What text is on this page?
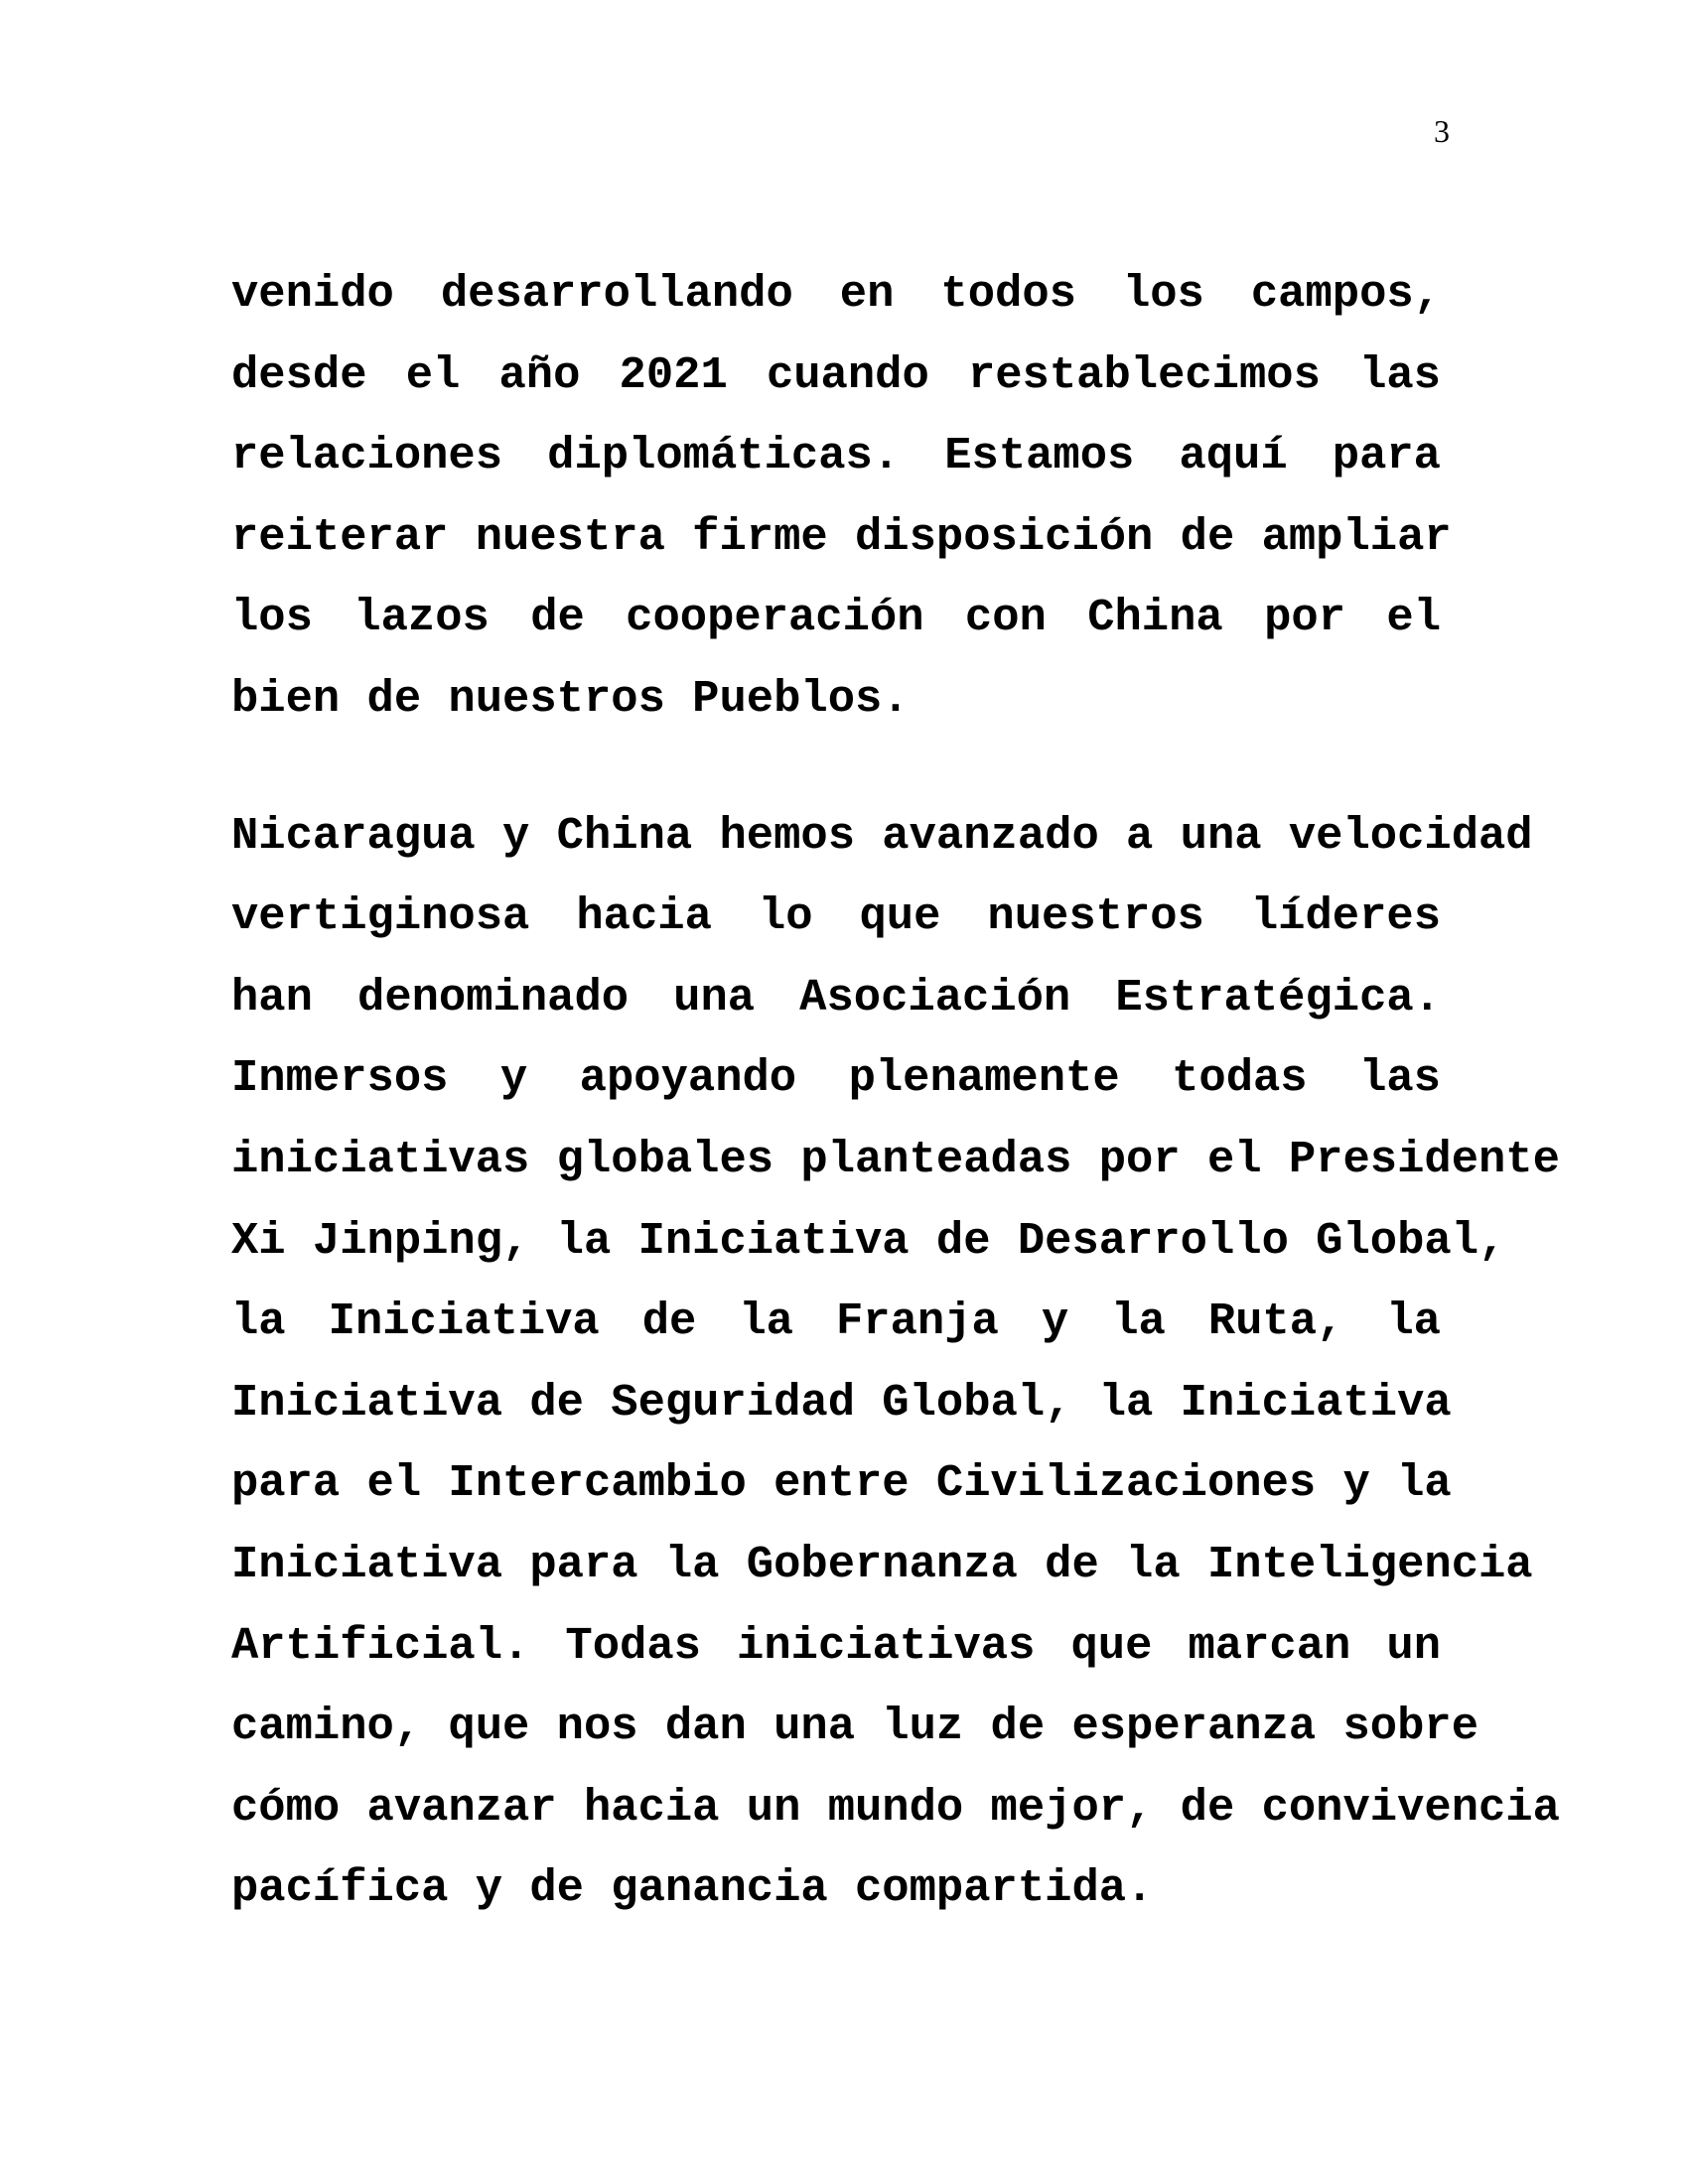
3

venido desarrollando en todos los campos,
desde el año 2021 cuando restablecimos las
relaciones diplomáticas. Estamos aquí para
reiterar nuestra firme disposición de ampliar
los lazos de cooperación con China por el
bien de nuestros Pueblos.

Nicaragua y China hemos avanzado a una velocidad
vertiginosa hacia lo que nuestros líderes
han denominado una Asociación Estratégica.
Inmersos y apoyando plenamente todas las
iniciativas globales planteadas por el Presidente
Xi Jinping, la Iniciativa de Desarrollo Global,
la Iniciativa de la Franja y la Ruta, la
Iniciativa de Seguridad Global, la Iniciativa
para el Intercambio entre Civilizaciones y la
Iniciativa para la Gobernanza de la Inteligencia
Artificial. Todas iniciativas que marcan un
camino, que nos dan una luz de esperanza sobre
cómo avanzar hacia un mundo mejor, de convivencia
pacífica y de ganancia compartida.
